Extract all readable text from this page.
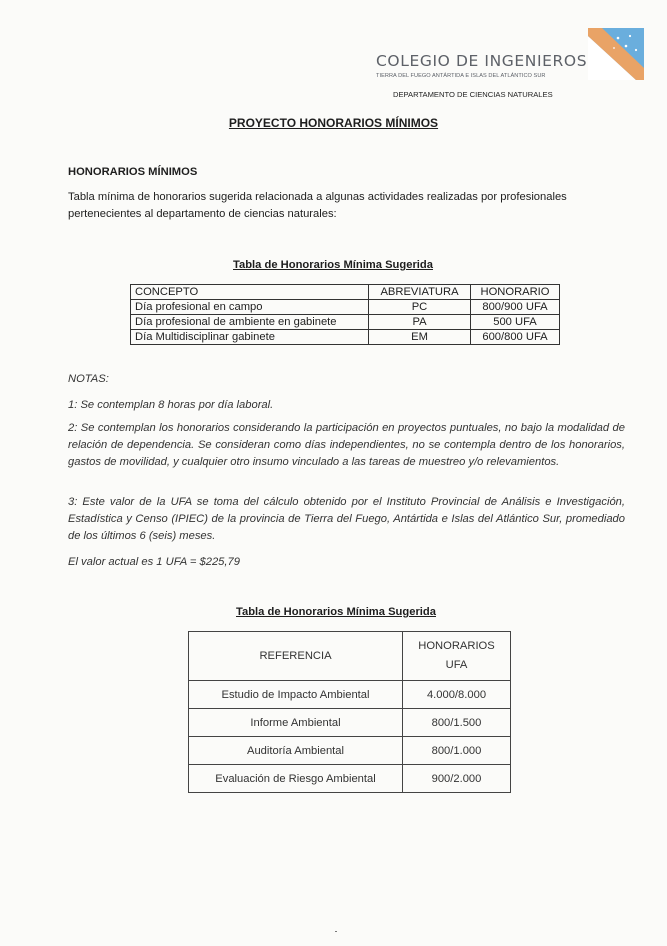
COLEGIO DE INGENIEROS
TIERRA DEL FUEGO ANTÁRTIDA E ISLAS DEL ATLÁNTICO SUR
DEPARTAMENTO DE CIENCIAS NATURALES
PROYECTO HONORARIOS MÍNIMOS
HONORARIOS MÍNIMOS

Tabla mínima de honorarios sugerida relacionada a algunas actividades realizadas por profesionales pertenecientes al departamento de ciencias naturales:

Tabla de Honorarios Mínima Sugerida
CONCEPTO	ABREVIATURA	HONORARIO
Día profesional en campo	PC	800/900 UFA
Día profesional de ambiente en gabinete	PA	500 UFA
Día Multidisciplinar gabinete	EM	600/800 UFA
NOTAS:

1: Se contemplan 8 horas por día laboral.

2: Se contemplan los honorarios considerando la participación en proyectos puntuales, no bajo la modalidad de relación de dependencia. Se consideran como días independientes, no se contempla dentro de los honorarios, gastos de movilidad, y cualquier otro insumo vinculado a las tareas de muestreo y/o relevamientos.

3: Este valor de la UFA se toma del cálculo obtenido por el Instituto Provincial de Análisis e Investigación, Estadística y Censo (IPIEC) de la provincia de Tierra del Fuego, Antártida e Islas del Atlántico Sur, promediado de los últimos 6 (seis) meses.

El valor actual es 1 UFA = $225,79

Tabla de Honorarios Mínima Sugerida
REFERENCIA	HONORARIOS
UFA
Estudio de Impacto Ambiental	4.000/8.000
Informe Ambiental	800/1.500
Auditoría Ambiental	800/1.000
Evaluación de Riesgo Ambiental	900/2.000
